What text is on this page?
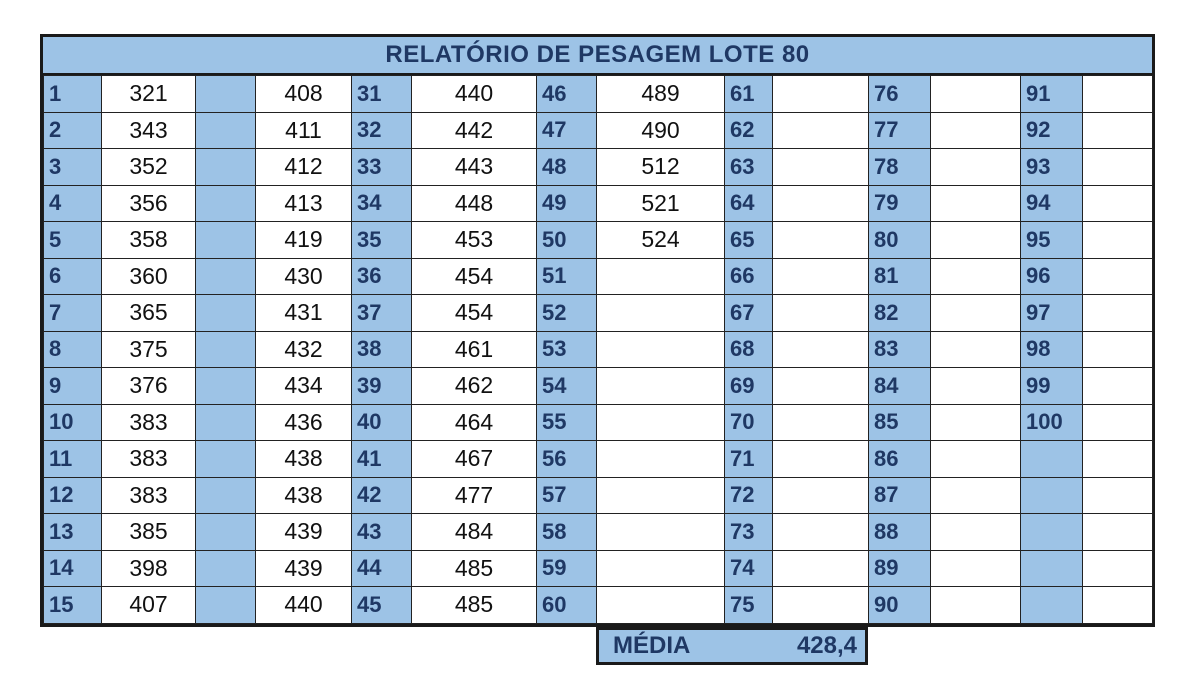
RELATÓRIO DE PESAGEM LOTE 80
1	321		408	31	440	46	489	61		76		91	
2	343		411	32	442	47	490	62		77		92	
3	352		412	33	443	48	512	63		78		93	
4	356		413	34	448	49	521	64		79		94	
5	358		419	35	453	50	524	65		80		95	
6	360		430	36	454	51		66		81		96	
7	365		431	37	454	52		67		82		97	
8	375		432	38	461	53		68		83		98	
9	376		434	39	462	54		69		84		99	
10	383		436	40	464	55		70		85		100	
11	383		438	41	467	56		71		86			
12	383		438	42	477	57		72		87			
13	385		439	43	484	58		73		88			
14	398		439	44	485	59		74		89			
15	407		440	45	485	60		75		90			
MÉDIA	428,4
